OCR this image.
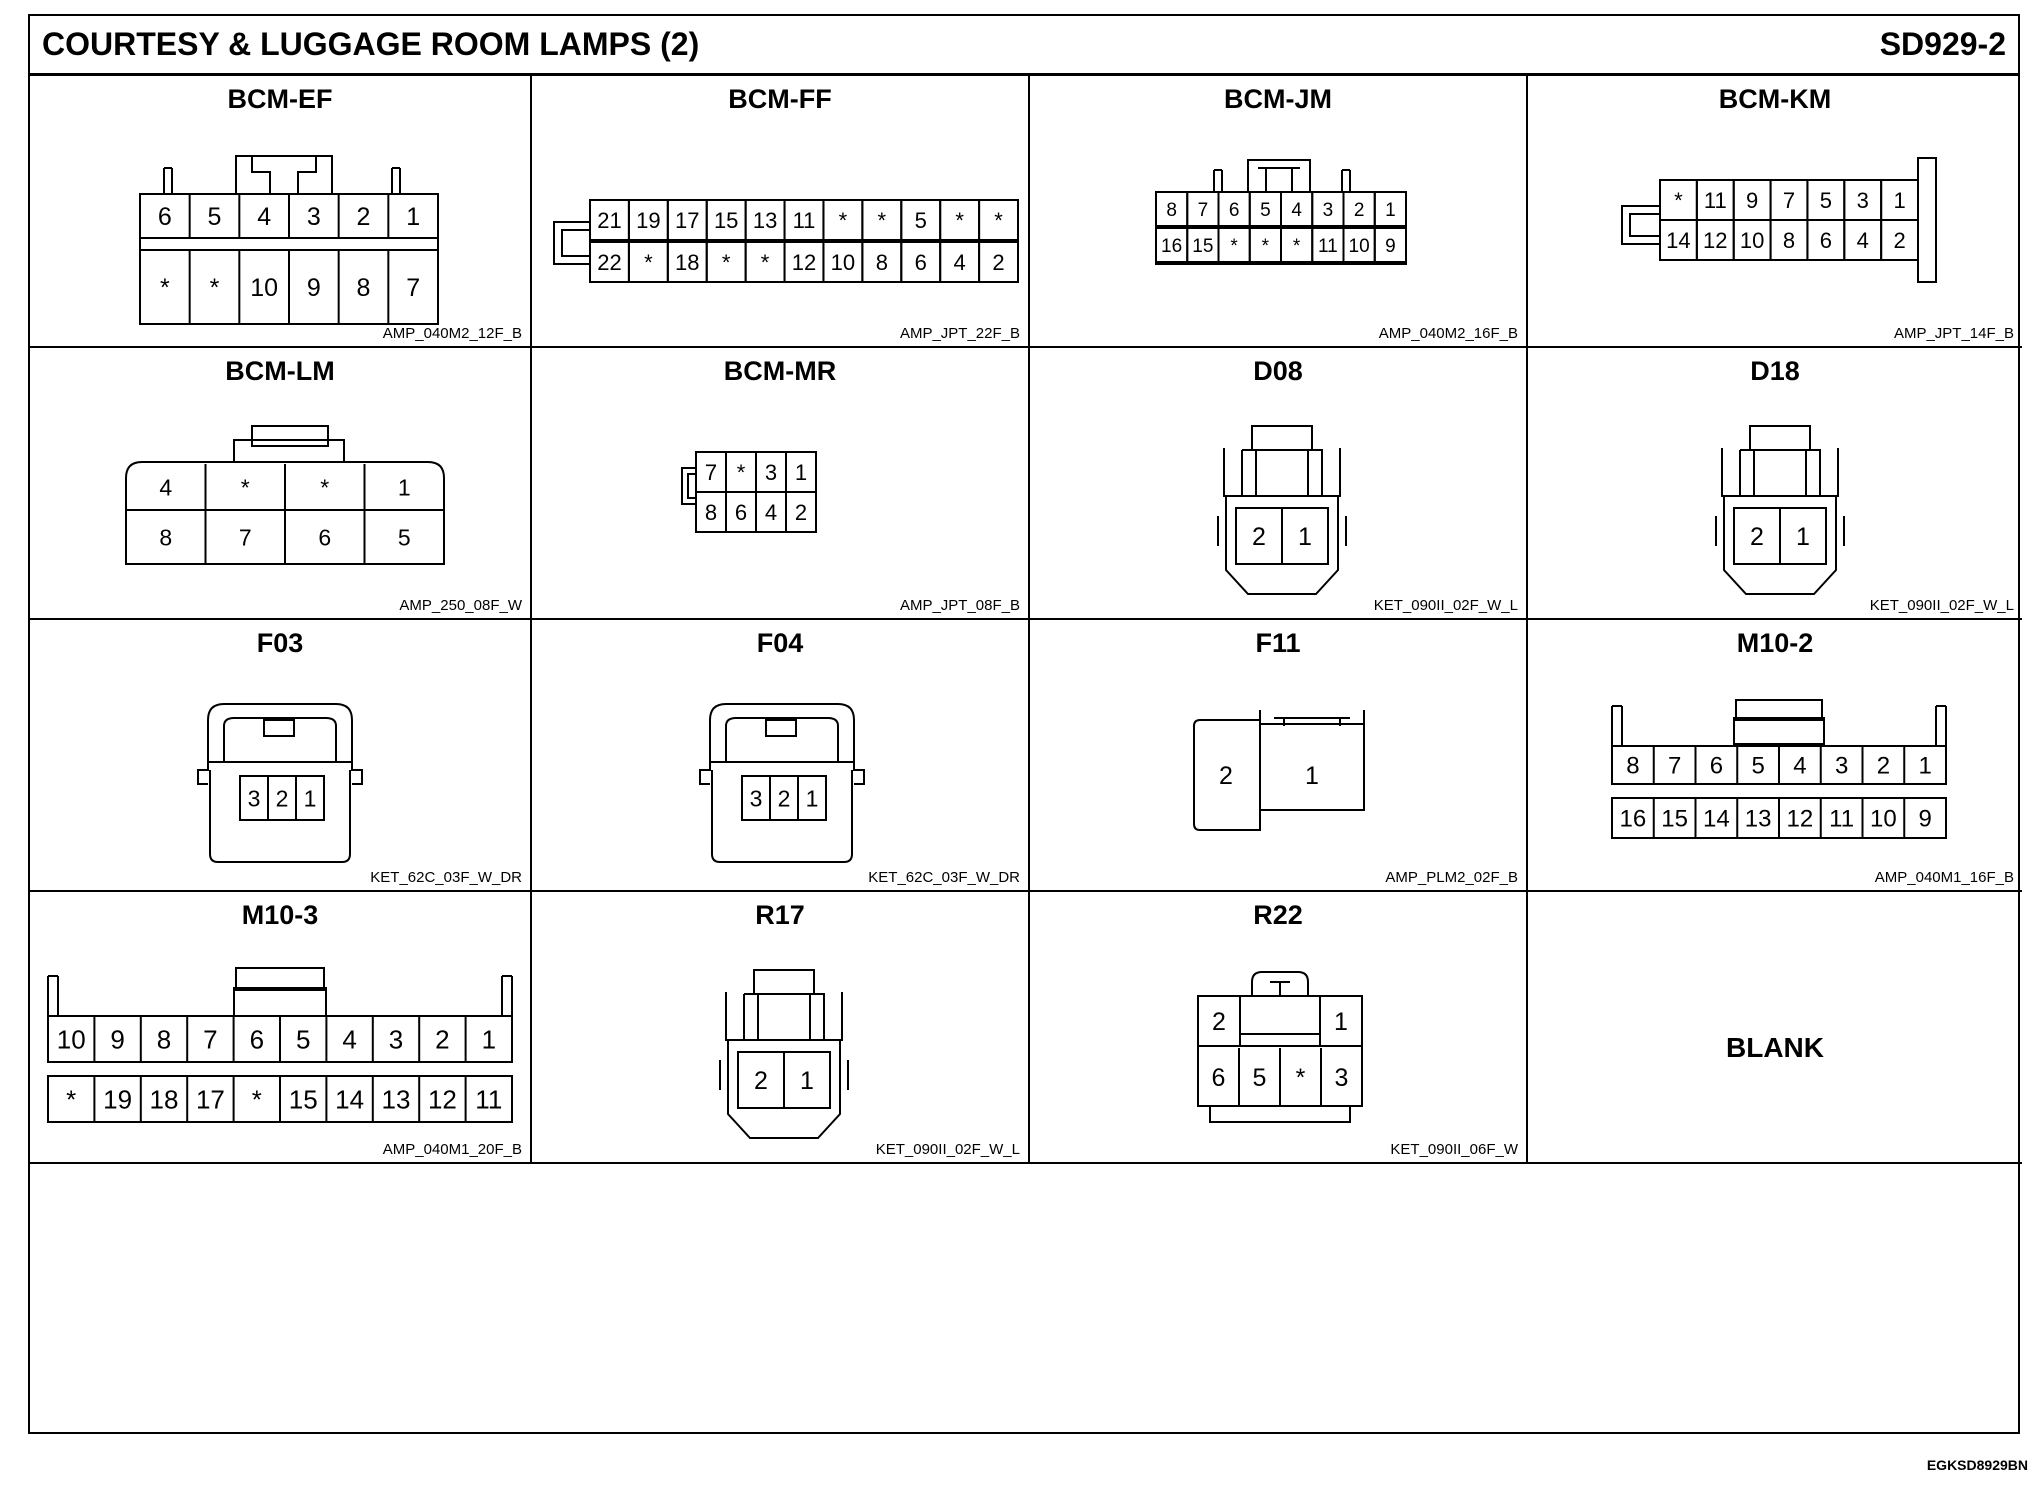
COURTESY & LUGGAGE ROOM LAMPS (2)	SD929-2
6 5 4 3 2 1
* * 10 9 8 7
BCM-EF
AMP_040M2_12F_B
21 19 17 15 13 11 * * 5 * *
22 * 18 * * 12 10 8 6 4 2
BCM-FF
AMP_JPT_22F_B
8 7 6 5 4 3 2 1
16 15 * * * 11 10 9
BCM-JM
AMP_040M2_16F_B
* 11 9 7 5 3 1
14 12 10 8 6 4 2
BCM-KM
AMP_JPT_14F_B
4	*	*	1
8	7	6	5
BCM-LM
AMP_250_08F_W
7 * 3 1
8 6 4 2
BCM-MR
AMP_JPT_08F_B
2 1
D08
KET_090II_02F_W_L
2 1
D18
KET_090II_02F_W_L
3 2 1
F03
KET_62C_03F_W_DR
3 2 1
F04
KET_62C_03F_W_DR
2	1
F11
AMP_PLM2_02F_B
8 7 6 5 4 3 2 1
16 15 14 13 12 11 10 9
M10-2
AMP_040M1_16F_B
10 9 8 7 6 5 4 3 2 1
* 19 18 17 * 15 14 13 12 11
M10-3
AMP_040M1_20F_B
2 1
R17
KET_090II_02F_W_L
2	1
6 5 * 3
R22
KET_090II_06F_W
BLANK
EGKSD8929BN
